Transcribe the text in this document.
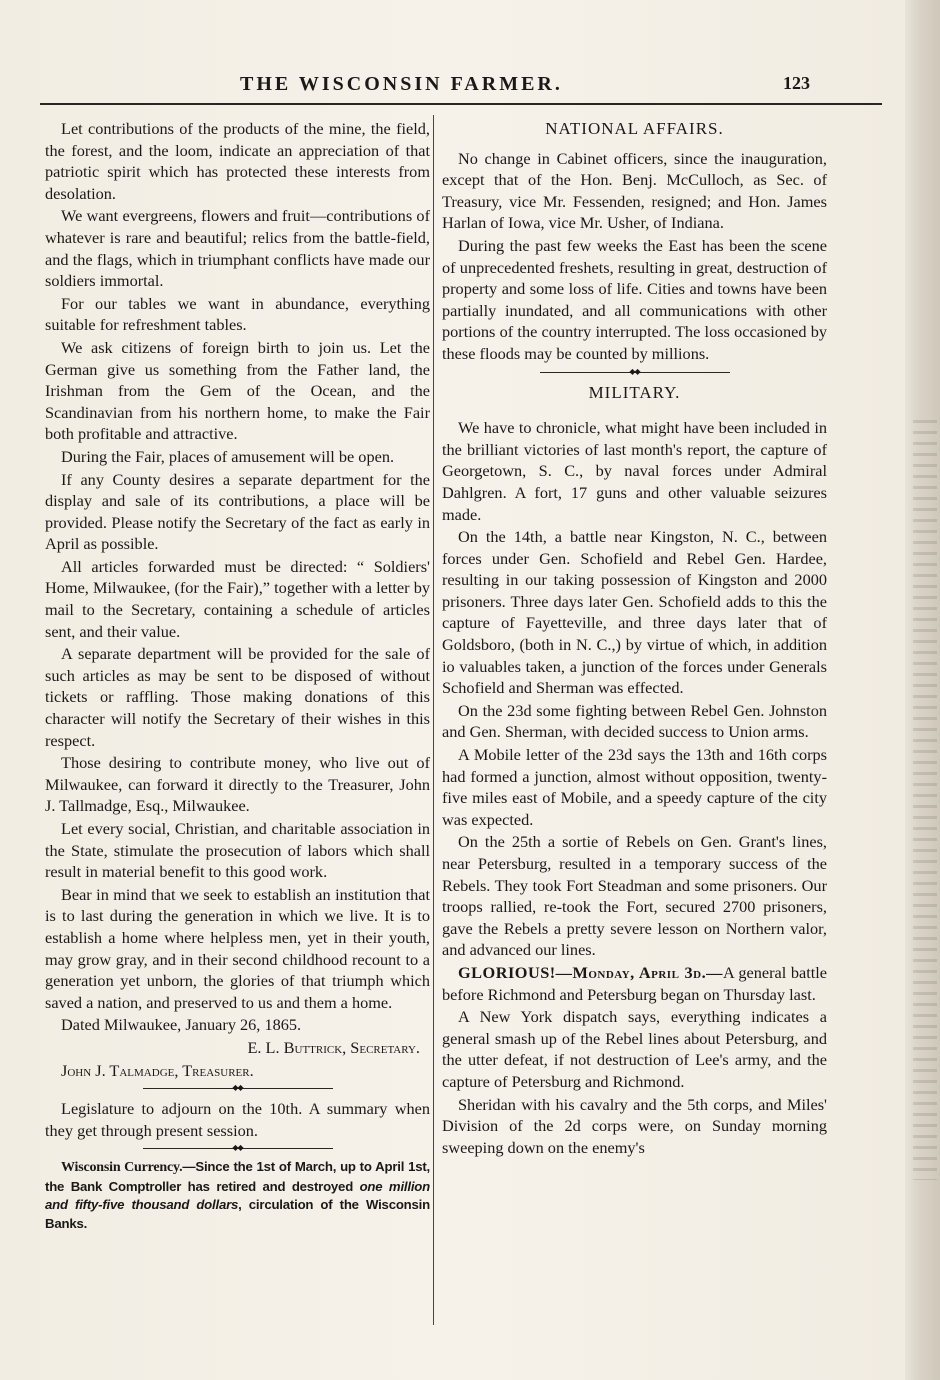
THE WISCONSIN FARMER.	123

Let contributions of the products of the mine, the field, the forest, and the loom, indicate an appreciation of that patriotic spirit which has protected these interests from desolation.

We want evergreens, flowers and fruit—contributions of whatever is rare and beautiful; relics from the battle-field, and the flags, which in triumphant conflicts have made our soldiers immortal.

For our tables we want in abundance, everything suitable for refreshment tables.

We ask citizens of foreign birth to join us. Let the German give us something from the Father land, the Irishman from the Gem of the Ocean, and the Scandinavian from his northern home, to make the Fair both profitable and attractive.

During the Fair, places of amusement will be open.

If any County desires a separate department for the display and sale of its contributions, a place will be provided. Please notify the Secretary of the fact as early in April as possible.

All articles forwarded must be directed: “ Soldiers' Home, Milwaukee, (for the Fair),” together with a letter by mail to the Secretary, containing a schedule of articles sent, and their value.

A separate department will be provided for the sale of such articles as may be sent to be disposed of without tickets or raffling. Those making donations of this character will notify the Secretary of their wishes in this respect.

Those desiring to contribute money, who live out of Milwaukee, can forward it directly to the Treasurer, John J. Tallmadge, Esq., Milwaukee.

Let every social, Christian, and charitable association in the State, stimulate the prosecution of labors which shall result in material benefit to this good work.

Bear in mind that we seek to establish an institution that is to last during the generation in which we live. It is to establish a home where helpless men, yet in their youth, may grow gray, and in their second childhood recount to a generation yet unborn, the glories of that triumph which saved a nation, and preserved to us and them a home.

Dated Milwaukee, January 26, 1865.

E. L. Buttrick, Secretary.

John J. Talmadge, Treasurer.

◆◆

Legislature to adjourn on the 10th. A summary when they get through present session.

◆◆

Wisconsin Currency.—Since the 1st of March, up to April 1st, the Bank Comptroller has retired and destroyed one million and fifty-five thousand dollars, circulation of the Wisconsin Banks.

NATIONAL AFFAIRS.

No change in Cabinet officers, since the inauguration, except that of the Hon. Benj. McCulloch, as Sec. of Treasury, vice Mr. Fessenden, resigned; and Hon. James Harlan of Iowa, vice Mr. Usher, of Indiana.

During the past few weeks the East has been the scene of unprecedented freshets, resulting in great, destruction of property and some loss of life. Cities and towns have been partially inundated, and all communications with other portions of the country interrupted. The loss occasioned by these floods may be counted by millions.

◆◆
MILITARY.

We have to chronicle, what might have been included in the brilliant victories of last month's report, the capture of Georgetown, S. C., by naval forces under Admiral Dahlgren. A fort, 17 guns and other valuable seizures made.

On the 14th, a battle near Kingston, N. C., between forces under Gen. Schofield and Rebel Gen. Hardee, resulting in our taking possession of Kingston and 2000 prisoners. Three days later Gen. Schofield adds to this the capture of Fayetteville, and three days later that of Goldsboro, (both in N. C.,) by virtue of which, in addition io valuables taken, a junction of the forces under Generals Schofield and Sherman was effected.

On the 23d some fighting between Rebel Gen. Johnston and Gen. Sherman, with decided success to Union arms.

A Mobile letter of the 23d says the 13th and 16th corps had formed a junction, almost without opposition, twenty-five miles east of Mobile, and a speedy capture of the city was expected.

On the 25th a sortie of Rebels on Gen. Grant's lines, near Petersburg, resulted in a temporary success of the Rebels. They took Fort Steadman and some prisoners. Our troops rallied, re-took the Fort, secured 2700 prisoners, gave the Rebels a pretty severe lesson on Northern valor, and advanced our lines.

GLORIOUS!—Monday, April 3d.—A general battle before Richmond and Petersburg began on Thursday last.

A New York dispatch says, everything indicates a general smash up of the Rebel lines about Petersburg, and the utter defeat, if not destruction of Lee's army, and the capture of Petersburg and Richmond.

Sheridan with his cavalry and the 5th corps, and Miles' Division of the 2d corps were, on Sunday morning sweeping down on the enemy's
